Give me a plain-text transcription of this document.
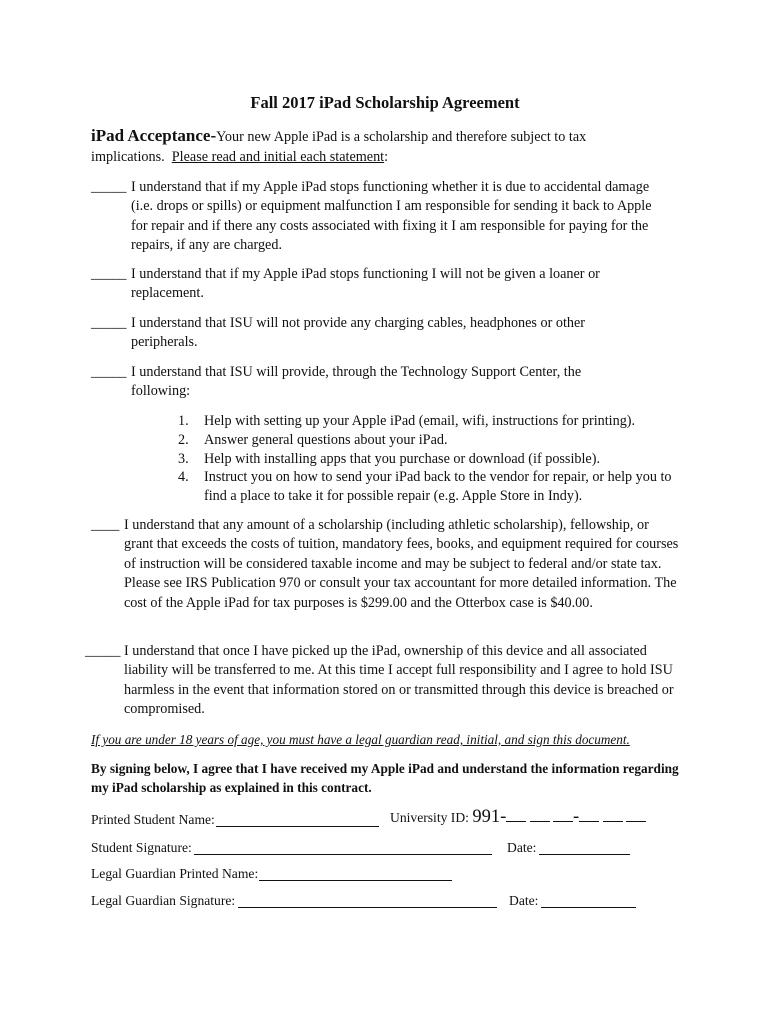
Fall 2017 iPad Scholarship Agreement
iPad Acceptance-Your new Apple iPad is a scholarship and therefore subject to tax implications. Please read and initial each statement:
_____ I understand that if my Apple iPad stops functioning whether it is due to accidental damage (i.e. drops or spills) or equipment malfunction I am responsible for sending it back to Apple for repair and if there any costs associated with fixing it I am responsible for paying for the repairs, if any are charged.
_____ I understand that if my Apple iPad stops functioning I will not be given a loaner or replacement.
_____ I understand that ISU will not provide any charging cables, headphones or other peripherals.
_____ I understand that ISU will provide, through the Technology Support Center, the following:
1. Help with setting up your Apple iPad (email, wifi, instructions for printing).
2. Answer general questions about your iPad.
3. Help with installing apps that you purchase or download (if possible).
4. Instruct you on how to send your iPad back to the vendor for repair, or help you to find a place to take it for possible repair (e.g. Apple Store in Indy).
____ I understand that any amount of a scholarship (including athletic scholarship), fellowship, or grant that exceeds the costs of tuition, mandatory fees, books, and equipment required for courses of instruction will be considered taxable income and may be subject to federal and/or state tax. Please see IRS Publication 970 or consult your tax accountant for more detailed information. The cost of the Apple iPad for tax purposes is $299.00 and the Otterbox case is $40.00.
_____ I understand that once I have picked up the iPad, ownership of this device and all associated liability will be transferred to me. At this time I accept full responsibility and I agree to hold ISU harmless in the event that information stored on or transmitted through this device is breached or compromised.
If you are under 18 years of age, you must have a legal guardian read, initial, and sign this document.
By signing below, I agree that I have received my Apple iPad and understand the information regarding my iPad scholarship as explained in this contract.
Printed Student Name:	University ID: 991-	-
Student Signature:	Date:
Legal Guardian Printed Name:
Legal Guardian Signature:	Date:
